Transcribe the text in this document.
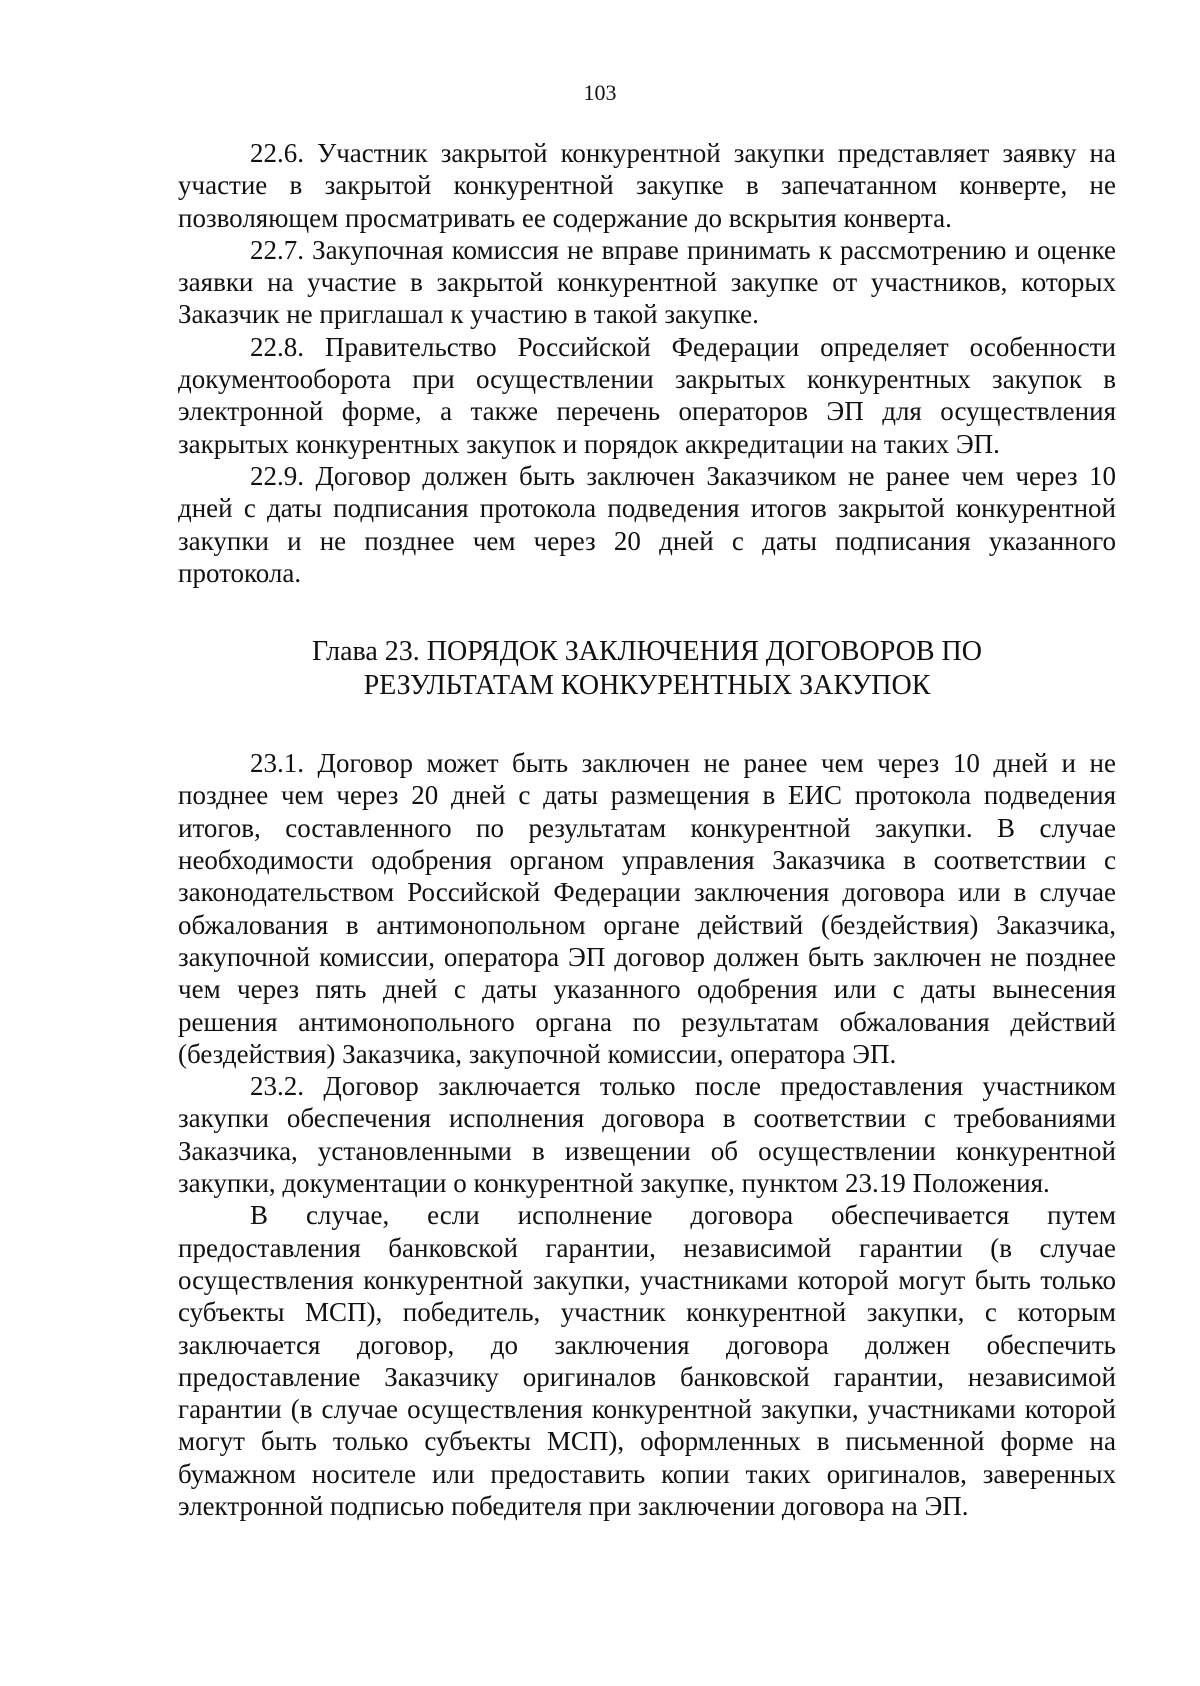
103

22.6. Участник закрытой конкурентной закупки представляет заявку на участие в закрытой конкурентной закупке в запечатанном конверте, не позволяющем просматривать ее содержание до вскрытия конверта.

22.7. Закупочная комиссия не вправе принимать к рассмотрению и оценке заявки на участие в закрытой конкурентной закупке от участников, которых Заказчик не приглашал к участию в такой закупке.

22.8. Правительство Российской Федерации определяет особенности документооборота при осуществлении закрытых конкурентных закупок в электронной форме, а также перечень операторов ЭП для осуществления закрытых конкурентных закупок и порядок аккредитации на таких ЭП.

22.9. Договор должен быть заключен Заказчиком не ранее чем через 10 дней с даты подписания протокола подведения итогов закрытой конкурентной закупки и не позднее чем через 20 дней с даты подписания указанного протокола.

Глава 23. ПОРЯДОК ЗАКЛЮЧЕНИЯ ДОГОВОРОВ ПО
РЕЗУЛЬТАТАМ КОНКУРЕНТНЫХ ЗАКУПОК

23.1. Договор может быть заключен не ранее чем через 10 дней и не позднее чем через 20 дней с даты размещения в ЕИС протокола подведения итогов, составленного по результатам конкурентной закупки. В случае необходимости одобрения органом управления Заказчика в соответствии с законодательством Российской Федерации заключения договора или в случае обжалования в антимонопольном органе действий (бездействия) Заказчика, закупочной комиссии, оператора ЭП договор должен быть заключен не позднее чем через пять дней с даты указанного одобрения или с даты вынесения решения антимонопольного органа по результатам обжалования действий (бездействия) Заказчика, закупочной комиссии, оператора ЭП.

23.2. Договор заключается только после предоставления участником закупки обеспечения исполнения договора в соответствии с требованиями Заказчика, установленными в извещении об осуществлении конкурентной закупки, документации о конкурентной закупке, пунктом 23.19 Положения.

В случае, если исполнение договора обеспечивается путем предоставления банковской гарантии, независимой гарантии (в случае осуществления конкурентной закупки, участниками которой могут быть только субъекты МСП), победитель, участник конкурентной закупки, с которым заключается договор, до заключения договора должен обеспечить предоставление Заказчику оригиналов банковской гарантии, независимой гарантии (в случае осуществления конкурентной закупки, участниками которой могут быть только субъекты МСП), оформленных в письменной форме на бумажном носителе или предоставить копии таких оригиналов, заверенных электронной подписью победителя при заключении договора на ЭП.
